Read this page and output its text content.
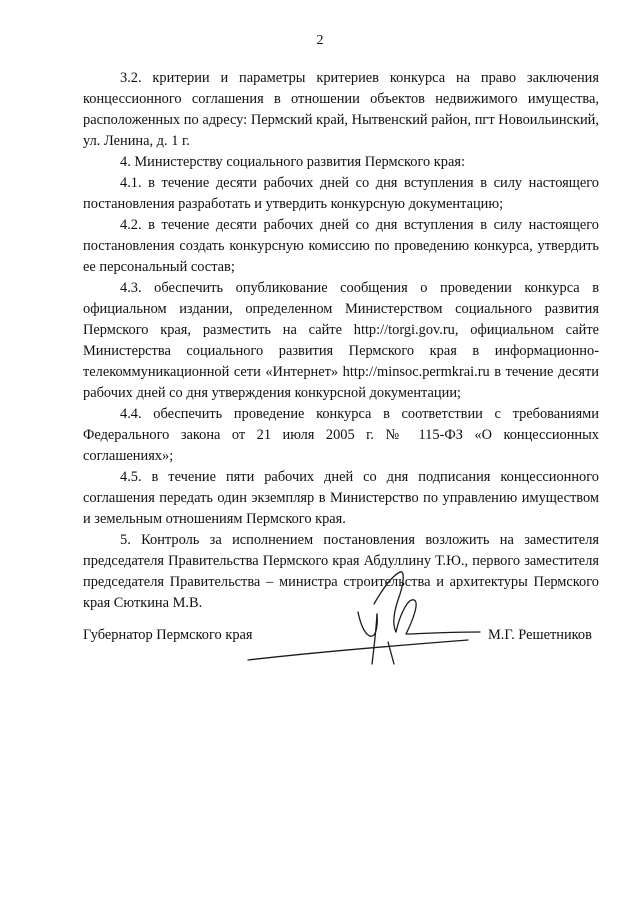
2

3.2. критерии и параметры критериев конкурса на право заключения концессионного соглашения в отношении объектов недвижимого имущества, расположенных по адресу: Пермский край, Нытвенский район, пгт Новоильинский, ул. Ленина, д. 1 г.

4. Министерству социального развития Пермского края:

4.1. в течение десяти рабочих дней со дня вступления в силу настоящего постановления разработать и утвердить конкурсную документацию;

4.2. в течение десяти рабочих дней со дня вступления в силу настоящего постановления создать конкурсную комиссию по проведению конкурса, утвердить ее персональный состав;

4.3. обеспечить опубликование сообщения о проведении конкурса в официальном издании, определенном Министерством социального развития Пермского края, разместить на сайте http://torgi.gov.ru, официальном сайте Министерства социального развития Пермского края в информационно-телекоммуникационной сети «Интернет» http://minsoc.permkrai.ru в течение десяти рабочих дней со дня утверждения конкурсной документации;

4.4. обеспечить проведение конкурса в соответствии с требованиями Федерального закона от 21 июля 2005 г. № 115-ФЗ «О концессионных соглашениях»;

4.5. в течение пяти рабочих дней со дня подписания концессионного соглашения передать один экземпляр в Министерство по управлению имуществом и земельным отношениям Пермского края.

5. Контроль за исполнением постановления возложить на заместителя председателя Правительства Пермского края Абдуллину Т.Ю., первого заместителя председателя Правительства – министра строительства и архитектуры Пермского края Сюткина М.В.

Губернатор Пермского края	М.Г. Решетников
